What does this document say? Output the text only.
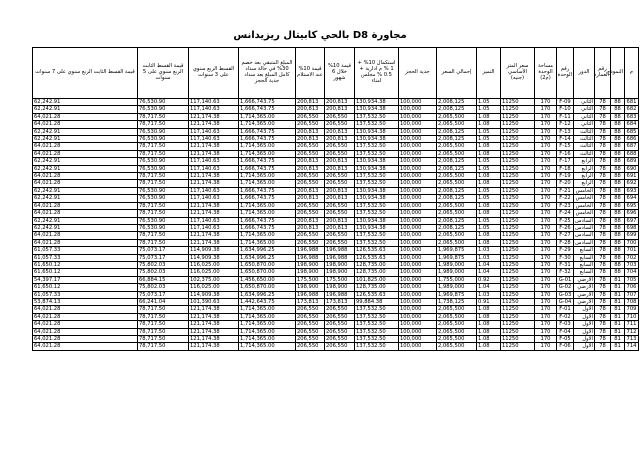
مجاورة D8 بالحي كابيتال ريزيدانس
م	النموذج	رقم العمارة	الدور	رقم الوحدة	مساحة الوحدة (م2)	سعر المتر الأساسي (جنيه)	التميز	إجمالي السعر	جدية الحجز	استكمال 10% + 1 % م ادارية + 0.5 % مجلس امناء	قيمة 10% خلال 6 شهور	قيمة 10% عند الاستلام	المبلغ المتبقي بعد خصم 30% في حالة سداد كامل المبلغ بعد سداد جدية الحجز	القسط الربع سنوي على 3 سنوات	قيمة القسط الثابت الربع سنوي على 5 سنوات	قيمة القسط الثابت الربع سنوي على 7 سنوات
681	88	78	الثاني	F-09	170	11250	1.05	2,008,125	100,000	130,934.38	200,813	200,813	1,666,743.75	117,140.63	76,530.90	62,242.91
682	88	78	الثاني	F-10	170	11250	1.05	2,008,125	100,000	130,934.38	200,813	200,813	1,666,743.75	117,140.63	76,530.90	62,242.91
683	88	78	الثاني	F-11	170	11250	1.08	2,065,500	100,000	137,532.50	206,550	206,550	1,714,365.00	121,174.38	78,717.50	64,021.28
684	88	78	الثاني	F-12	170	11250	1.08	2,065,500	100,000	137,532.50	206,550	206,550	1,714,365.00	121,174.38	78,717.50	64,021.28
685	88	78	الثالث	F-13	170	11250	1.05	2,008,125	100,000	130,934.38	200,813	200,813	1,666,743.75	117,140.63	76,530.90	62,242.91
686	88	78	الثالث	F-14	170	11250	1.05	2,008,125	100,000	130,934.38	200,813	200,813	1,666,743.75	117,140.63	76,530.90	62,242.91
687	88	78	الثالث	F-15	170	11250	1.08	2,065,500	100,000	137,532.50	206,550	206,550	1,714,365.00	121,174.38	78,717.50	64,021.28
688	88	78	الثالث	F-16	170	11250	1.08	2,065,500	100,000	137,532.50	206,550	206,550	1,714,365.00	121,174.38	78,717.50	64,021.28
689	88	78	الرابع	F-17	170	11250	1.05	2,008,125	100,000	130,934.38	200,813	200,813	1,666,743.75	117,140.63	76,530.90	62,242.91
690	88	78	الرابع	F-18	170	11250	1.05	2,008,125	100,000	130,934.38	200,813	200,813	1,666,743.75	117,140.63	76,530.90	62,242.91
691	88	78	الرابع	F-19	170	11250	1.08	2,065,500	100,000	137,532.50	206,550	206,550	1,714,365.00	121,174.38	78,717.50	64,021.28
692	88	78	الرابع	F-20	170	11250	1.08	2,065,500	100,000	137,532.50	206,550	206,550	1,714,365.00	121,174.38	78,717.50	64,021.28
693	88	78	الخامس	F-21	170	11250	1.05	2,008,125	100,000	130,934.38	200,813	200,813	1,666,743.75	117,140.63	76,530.90	62,242.91
694	88	78	الخامس	F-22	170	11250	1.05	2,008,125	100,000	130,934.38	200,813	200,813	1,666,743.75	117,140.63	76,530.90	62,242.91
695	88	78	الخامس	F-23	170	11250	1.08	2,065,500	100,000	137,532.50	206,550	206,550	1,714,365.00	121,174.38	78,717.50	64,021.28
696	88	78	الخامس	F-24	170	11250	1.08	2,065,500	100,000	137,532.50	206,550	206,550	1,714,365.00	121,174.38	78,717.50	64,021.28
697	88	78	السادس	F-25	170	11250	1.05	2,008,125	100,000	130,934.38	200,813	200,813	1,666,743.75	117,140.63	76,530.90	62,242.91
698	88	78	السادس	F-26	170	11250	1.05	2,008,125	100,000	130,934.38	200,813	200,813	1,666,743.75	117,140.63	76,530.90	62,242.91
699	88	78	السادس	F-27	170	11250	1.08	2,065,500	100,000	137,532.50	206,550	206,550	1,714,365.00	121,174.38	78,717.50	64,021.28
700	88	78	السادس	F-28	170	11250	1.08	2,065,500	100,000	137,532.50	206,550	206,550	1,714,365.00	121,174.38	78,717.50	64,021.28
701	88	78	السابع	F-29	170	11250	1.03	1,969,875	100,000	126,535.63	196,988	196,988	1,634,996.25	114,909.38	75,073.17	61,057.33
702	88	78	السابع	F-30	170	11250	1.03	1,969,875	100,000	126,535.63	196,988	196,988	1,634,996.25	114,909.38	75,073.17	61,057.33
703	88	78	السابع	F-31	170	11250	1.04	1,989,000	100,000	128,735.00	198,900	198,900	1,650,870.00	116,025.00	75,802.03	61,650.12
704	88	78	السابع	F-32	170	11250	1.04	1,989,000	100,000	128,735.00	198,900	198,900	1,650,870.00	116,025.00	75,802.03	61,650.12
705	81	78	الأرضي	G-01	170	11250	0.92	1,755,000	100,000	101,825.00	175,500	175,500	1,456,650.00	102,375.00	66,884.15	54,397.17
706	81	78	الأرضي	G-02	170	11250	1.04	1,989,000	100,000	128,735.00	198,900	198,900	1,650,870.00	116,025.00	75,802.03	61,650.12
707	81	78	الأرضي	G-03	170	11250	1.03	1,969,875	100,000	126,535.63	196,988	196,988	1,634,996.25	114,909.38	75,073.17	61,057.33
708	81	78	الأرضي	G-04	170	11250	0.91	1,738,125	100,000	99,884.38	173,813	173,813	1,442,643.75	101,390.63	66,241.04	53,874.13
709	81	78	الأول	F-01	170	11250	1.08	2,065,500	100,000	137,532.50	206,550	206,550	1,714,365.00	121,174.38	78,717.50	64,021.28
710	81	78	الأول	F-02	170	11250	1.08	2,065,500	100,000	137,532.50	206,550	206,550	1,714,365.00	121,174.38	78,717.50	64,021.28
711	81	78	الأول	F-03	170	11250	1.08	2,065,500	100,000	137,532.50	206,550	206,550	1,714,365.00	121,174.38	78,717.50	64,021.28
712	81	78	الأول	F-04	170	11250	1.08	2,065,500	100,000	137,532.50	206,550	206,550	1,714,365.00	121,174.38	78,717.50	64,021.28
713	81	78	الأول	F-05	170	11250	1.08	2,065,500	100,000	137,532.50	206,550	206,550	1,714,365.00	121,174.38	78,717.50	64,021.28
714	81	78	الأول	F-06	170	11250	1.08	2,065,500	100,000	137,532.50	206,550	206,550	1,714,365.00	121,174.38	78,717.50	64,021.28
